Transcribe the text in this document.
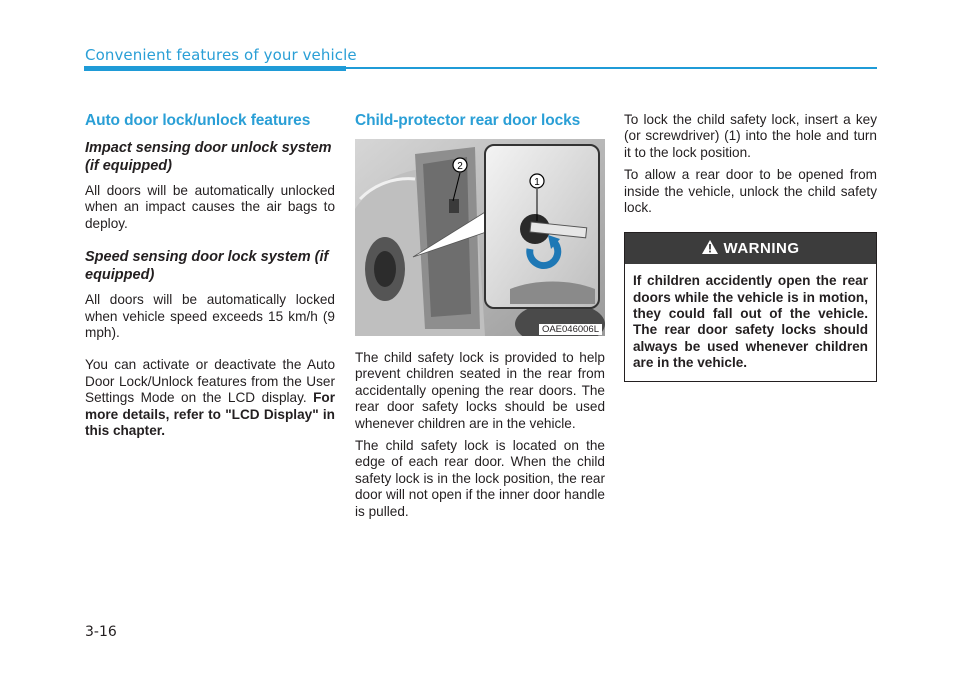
Convenient features of your vehicle
Auto door lock/unlock features
Impact sensing door unlock system (if equipped)

All doors will be automatically unlocked when an impact causes the air bags to deploy.

Speed sensing door lock system (if equipped)

All doors will be automatically locked when vehicle speed exceeds 15 km/h (9 mph).

You can activate or deactivate the Auto Door Lock/Unlock features from the User Settings Mode on the LCD display. For more details, refer to "LCD Display" in this chapter.

Child-protector rear door locks
1
2
OAE046006L

The child safety lock is provided to help prevent children seated in the rear from accidentally opening the rear doors. The rear door safety locks should be used whenever children are in the vehicle.

The child safety lock is located on the edge of each rear door. When the child safety lock is in the lock position, the rear door will not open if the inner door handle is pulled.

To lock the child safety lock, insert a key (or screwdriver) (1) into the hole and turn it to the lock position.

To allow a rear door to be opened from inside the vehicle, unlock the child safety lock.

WARNING
If children accidently open the rear doors while the vehicle is in motion, they could fall out of the vehicle. The rear door safety locks should always be used whenever children are in the vehicle.
3-16
